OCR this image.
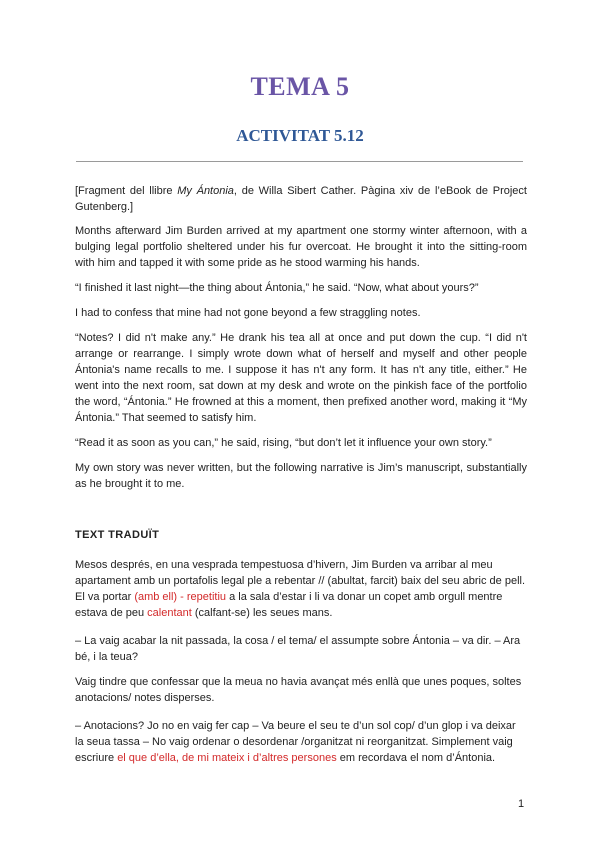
TEMA 5
ACTIVITAT 5.12

[Fragment del llibre My Ántonia, de Willa Sibert Cather. Pàgina xiv de l’eBook de Project Gutenberg.]

Months afterward Jim Burden arrived at my apartment one stormy winter afternoon, with a bulging legal portfolio sheltered under his fur overcoat. He brought it into the sitting-room with him and tapped it with some pride as he stood warming his hands.

“I finished it last night—the thing about Ántonia,” he said. “Now, what about yours?”

I had to confess that mine had not gone beyond a few straggling notes.

“Notes? I did n't make any.” He drank his tea all at once and put down the cup. “I did n't arrange or rearrange. I simply wrote down what of herself and myself and other people Ántonia's name recalls to me. I suppose it has n't any form. It has n't any title, either.” He went into the next room, sat down at my desk and wrote on the pinkish face of the portfolio the word, “Ántonia.” He frowned at this a moment, then prefixed another word, making it “My Ántonia.” That seemed to satisfy him.

“Read it as soon as you can,” he said, rising, “but don’t let it influence your own story.”

My own story was never written, but the following narrative is Jim’s manuscript, substantially as he brought it to me.

TEXT TRADUÏT

Mesos després, en una vesprada tempestuosa d’hivern, Jim Burden va arribar al meu apartament amb un portafolis legal ple a rebentar // (abultat, farcit) baix del seu abric de pell. El va portar (amb ell) - repetitiu a la sala d’estar i li va donar un copet amb orgull mentre estava de peu calentant (calfant-se) les seues mans.

– La vaig acabar la nit passada, la cosa / el tema/ el assumpte sobre Ántonia – va dir. – Ara bé, i la teua?

Vaig tindre que confessar que la meua no havia avançat més enllà que unes poques, soltes anotacions/ notes disperses.

– Anotacions? Jo no en vaig fer cap – Va beure el seu te d’un sol cop/ d’un glop i va deixar la seua tassa – No vaig ordenar o desordenar /organitzat ni reorganitzat. Simplement vaig escriure el que d’ella, de mi mateix i d’altres persones em recordava el nom d’Ántonia.

1
